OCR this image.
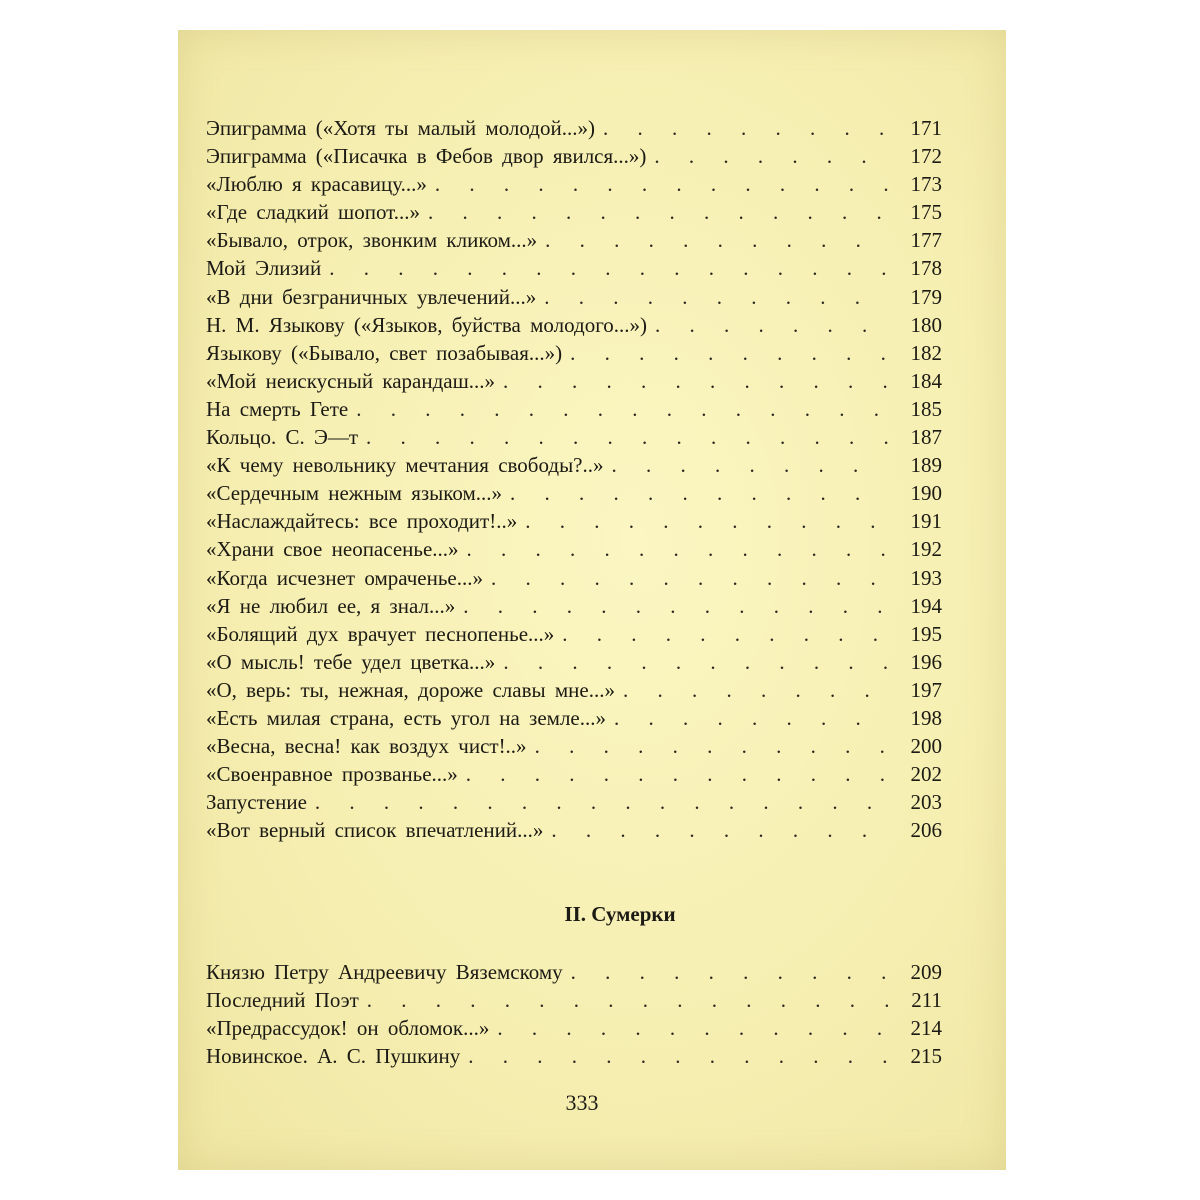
Эпиграмма («Хотя ты малый молодой...») . . .	171
Эпиграмма («Писачка в Фебов двор явился...») . . .	172
«Люблю я красавицу...» . . .	173
«Где сладкий шопот...» . . .	175
«Бывало, отрок, звонким кликом...» . . .	177
Мой Элизий . . .	178
«В дни безграничных увлечений...» . . .	179
Н. М. Языкову («Языков, буйства молодого...») . . .	180
Языкову («Бывало, свет позабывая...») . . .	182
«Мой неискусный карандаш...» . . .	184
На смерть Гете . . .	185
Кольцо. С. Э—т . . .	187
«К чему невольнику мечтания свободы?..» . . .	189
«Сердечным нежным языком...» . . .	190
«Наслаждайтесь: все проходит!..» . . .	191
«Храни свое неопасенье...» . . .	192
«Когда исчезнет омраченье...» . . .	193
«Я не любил ее, я знал...» . . .	194
«Болящий дух врачует песнопенье...» . . .	195
«О мысль! тебе удел цветка...» . . .	196
«О, верь: ты, нежная, дороже славы мне...» . . .	197
«Есть милая страна, есть угол на земле...» . . .	198
«Весна, весна! как воздух чист!..» . . .	200
«Своенравное прозванье...» . . .	202
Запустение . . .	203
«Вот верный список впечатлений...» . . .	206
II. Сумерки
Князю Петру Андреевичу Вяземскому . . .	209
Последний Поэт . . .	211
«Предрассудок! он обломок...» . . .	214
Новинское. А. С. Пушкину . . .	215
333
